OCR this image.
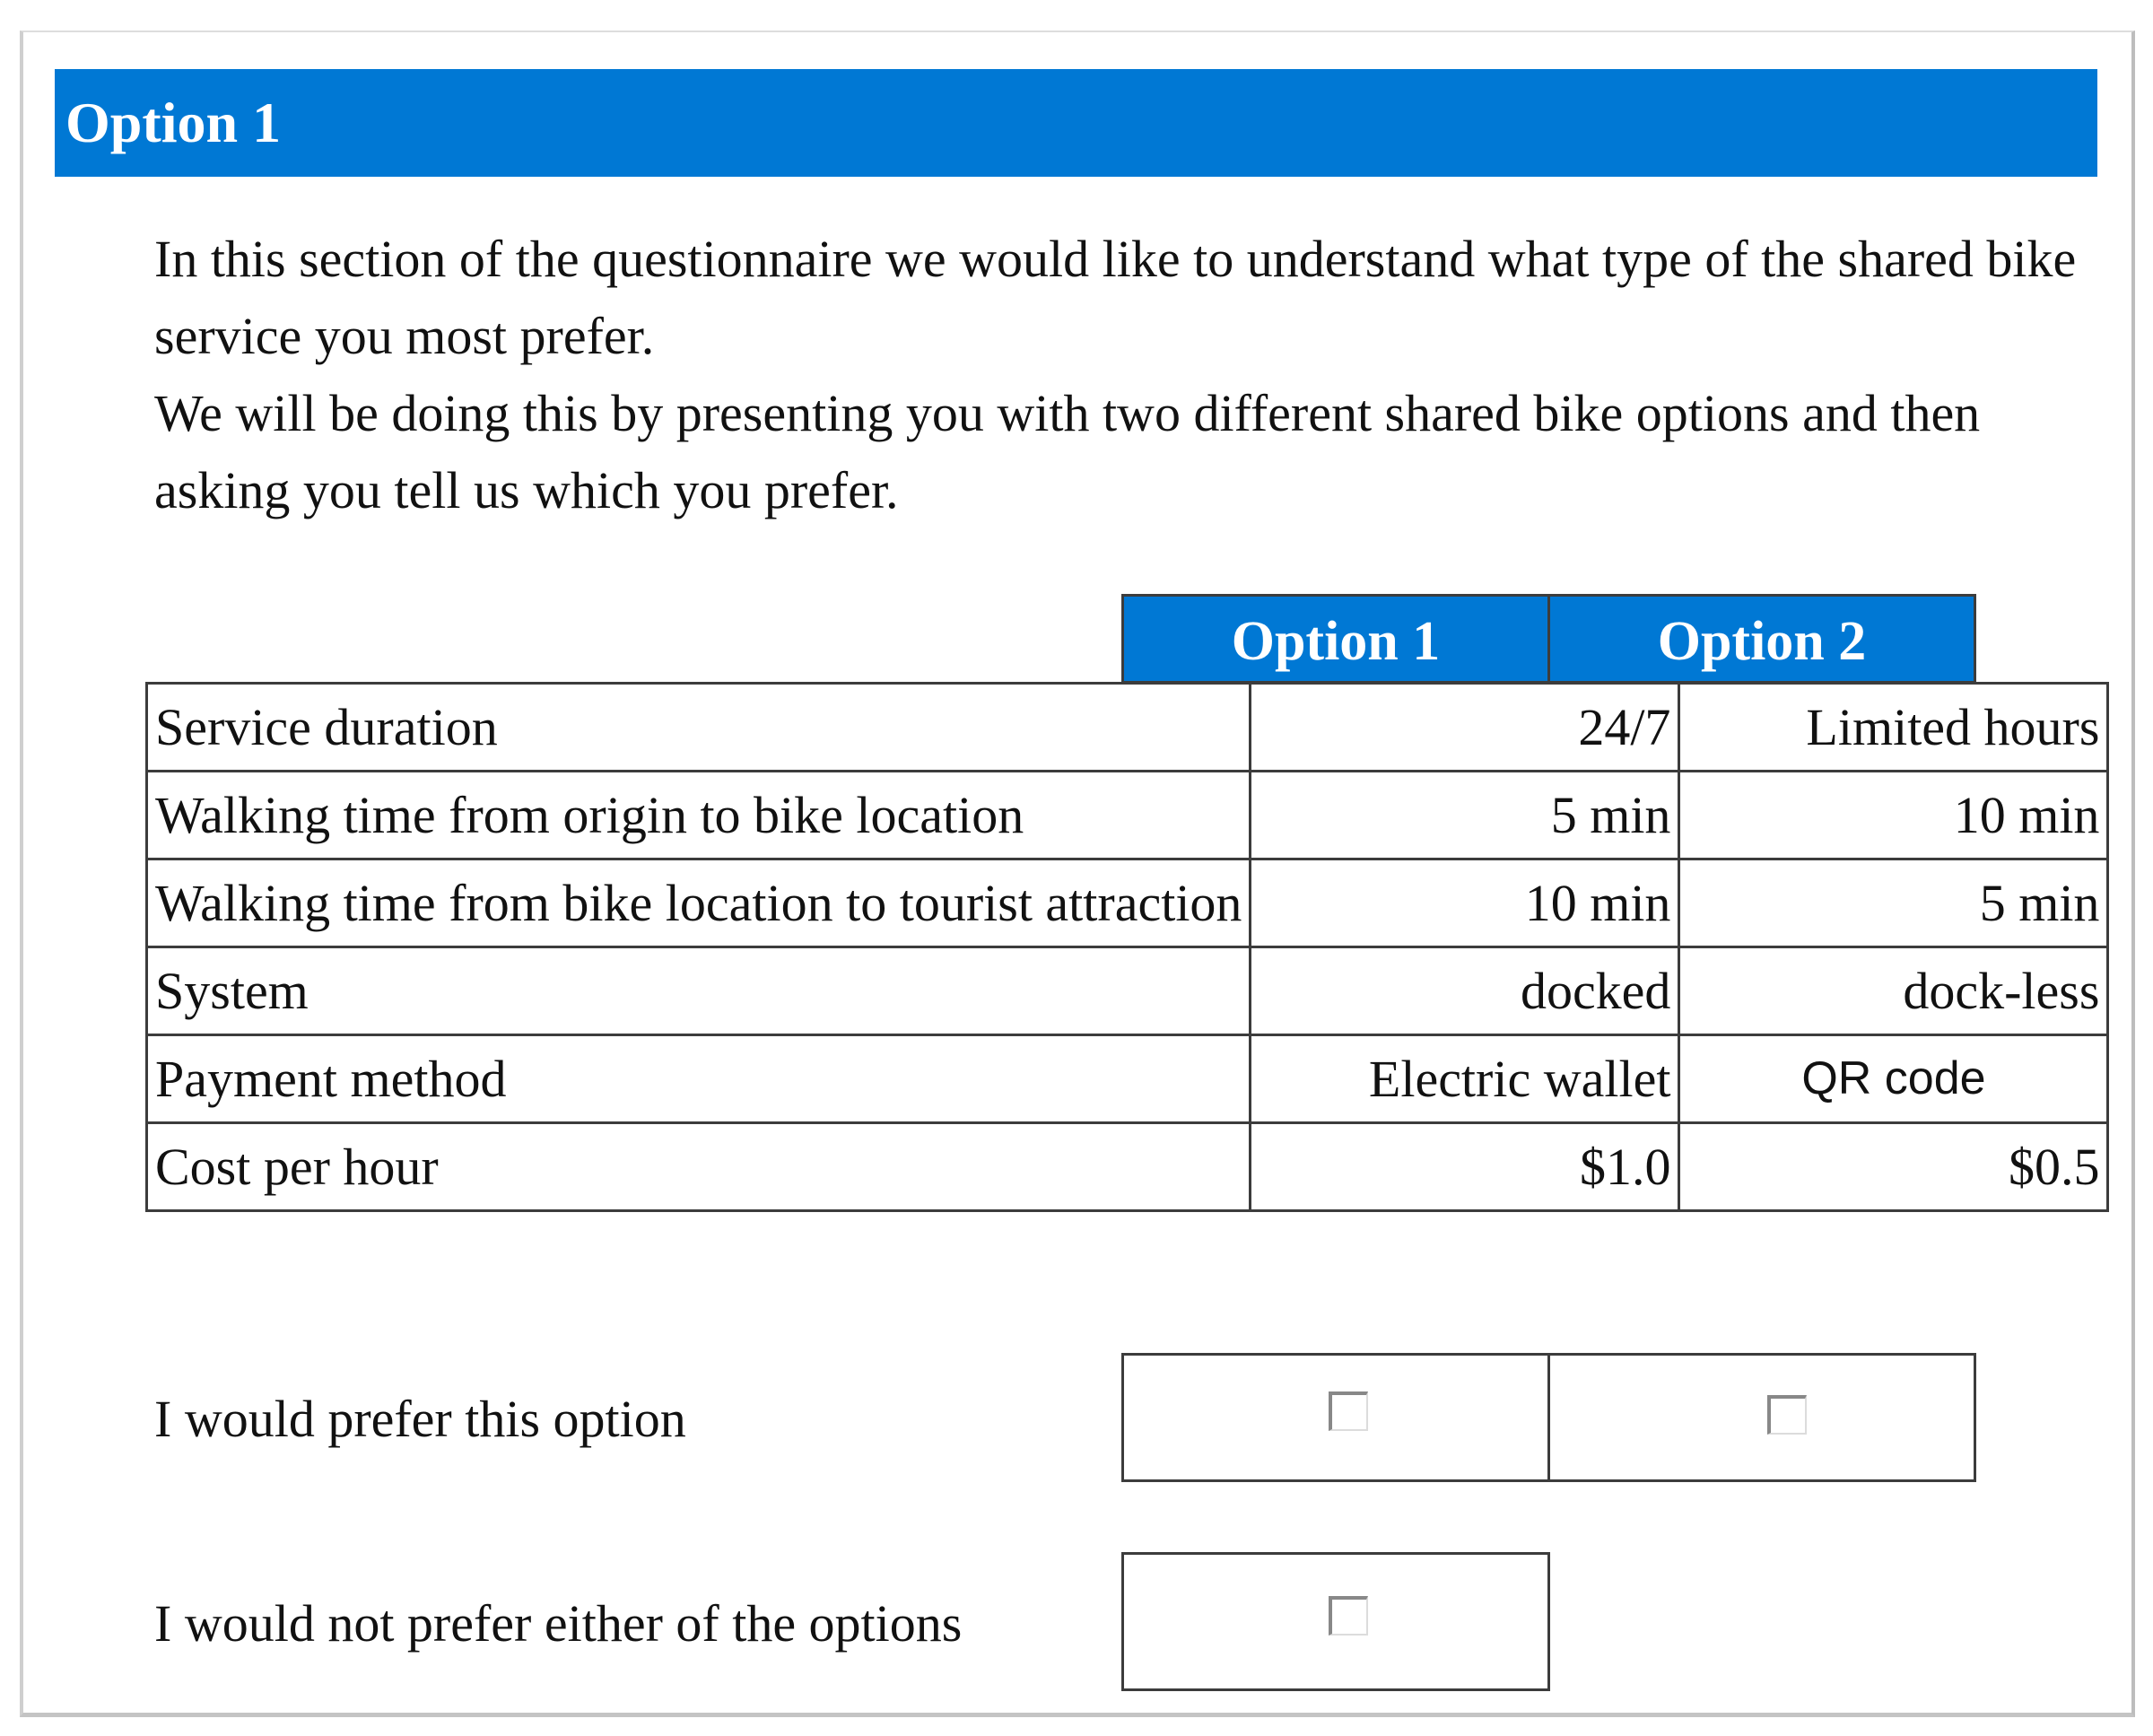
Option 1

In this section of the questionnaire we would like to understand what type of the shared bike service you most prefer.

We will be doing this by presenting you with two different shared bike options and then asking you tell us which you prefer.

Option 1	Option 2
Service duration	24/7	Limited hours
Walking time from origin to bike location	5 min	10 min
Walking time from bike location to tourist attraction	10 min	5 min
System	docked	dock-less
Payment method	Electric wallet	QR code
Cost per hour	$1.0	$0.5
I would prefer this option
I would not prefer either of the options
